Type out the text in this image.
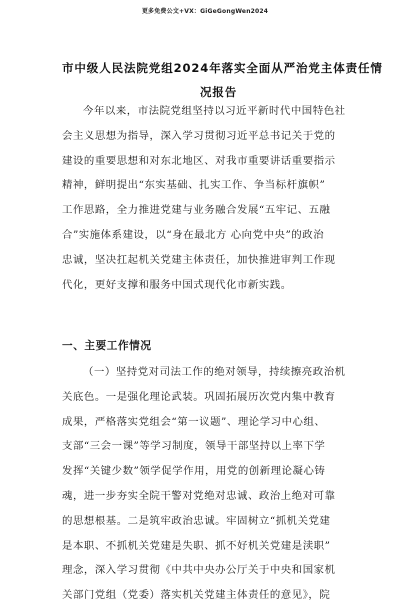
更多免费公文+VX：GiGeGongWen2024
市中级人民法院党组2024年落实全面从严治党主体责任情
况报告
今年以来，市法院党组坚持以习近平新时代中国特色社
会主义思想为指导，深入学习贯彻习近平总书记关于党的
建设的重要思想和对东北地区、对我市重要讲话重要指示
精神，鲜明提出“东实基础、扎实工作、争当标杆旗帜”
工作思路，全力推进党建与业务融合发展“五牢记、五融
合”实施体系建设，以“身在最北方 心向党中央”的政治
忠诚，坚决扛起机关党建主体责任，加快推进审判工作现
代化，更好支撑和服务中国式现代化市新实践。
一、主要工作情况
（一）坚持党对司法工作的绝对领导，持续擦亮政治机
关底色。一是强化理论武装。巩固拓展历次党内集中教育
成果，严格落实党组会“第一议题”、理论学习中心组、
支部“三会一课”等学习制度，领导干部坚持以上率下学
发挥“关键少数”领学促学作用，用党的创新理论凝心铸
魂，进一步夯实全院干警对党绝对忠诚、政治上绝对可靠
的思想根基。二是筑牢政治忠诚。牢固树立“抓机关党建
是本职、不抓机关党建是失职、抓不好机关党建是渎职”
理念，深入学习贯彻《中共中央办公厅关于中央和国家机
关部门党组（党委）落实机关党建主体责任的意见》，院
